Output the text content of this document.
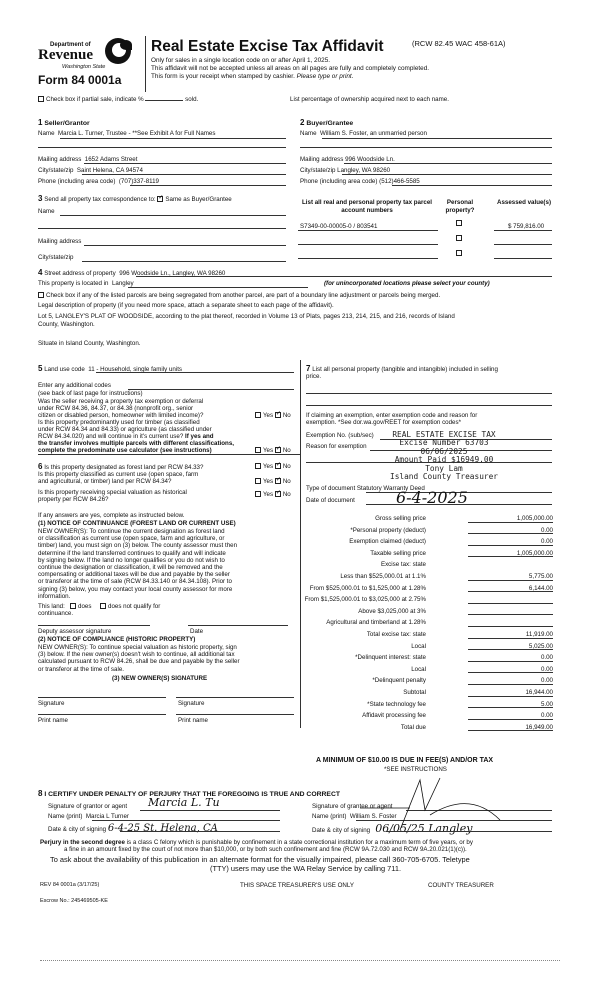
Department of
Revenue
Washington State
Form 84 0001a
Real Estate Excise Tax Affidavit	(RCW 82.45 WAC 458-61A)
Only for sales in a single location code on or after April 1, 2025.
This affidavit will not be accepted unless all areas on all pages are fully and completely completed.
This form is your receipt when stamped by cashier. Please type or print.
Check box if partial sale, indicate %	sold.	List percentage of ownership acquired next to each name.
1 Seller/Grantor
Name Marcia L. Turner, Trustee - **See Exhibit A for Full Names
Mailing address 1652 Adams Street
City/state/zip Saint Helena, CA 94574
Phone (including area code) (707)337-8119
2 Buyer/Grantee
Name William S. Foster, an unmarried person
Mailing address 996 Woodside Ln.
City/state/zip Langley, WA 98260
Phone (including area code) (512)466-5585
3 Send all property tax correspondence to: ✓ Same as Buyer/Grantee
Name
Mailing address
City/state/zip
List all real and personal property tax parcel account numbers
Personal property?
Assessed value(s)
S7349-00-00005-0 / 803541	$ 759,816.00
4 Street address of property 996 Woodside Ln., Langley, WA 98260
This property is located in Langley	(for unincorporated locations please select your county)
Check box if any of the listed parcels are being segregated from another parcel, are part of a boundary line adjustment or parcels being merged.
Legal description of property (if you need more space, attach a separate sheet to each page of the affidavit).
Lot 5, LANGLEY'S PLAT OF WOODSIDE, according to the plat thereof, recorded in Volume 13 of Plats, pages 213, 214, 215, and 216, records of Island
County, Washington.
Situate in Island County, Washington.
5 Land use code 11 - Household, single family units
Enter any additional codes
(see back of last page for instructions)
Was the seller receiving a property tax exemption or deferral
under RCW 84.36, 84.37, or 84.38 (nonprofit org., senior
citizen or disabled person, homeowner with limited income)?	Yes ✓ No
Is this property predominantly used for timber (as classified
under RCW 84.34 and 84.33) or agriculture (as classified under
RCW 84.34.020) and will continue in it's current use? If yes and
the transfer involves multiple parcels with different classifications,
complete the predominate use calculator (see instructions)	Yes ✓ No
6 Is this property designated as forest land per RCW 84.33?	Yes ✓ No
Is this property classified as current use (open space, farm
and agricultural, or timber) land per RCW 84.34?	Yes ✓ No
Is this property receiving special valuation as historical
property per RCW 84.26?
Yes ✓ No
If any answers are yes, complete as instructed below.
(1) NOTICE OF CONTINUANCE (FOREST LAND OR CURRENT USE)
NEW OWNER(S): To continue the current designation as forest land
or classification as current use (open space, farm and agriculture, or
timber) land, you must sign on (3) below. The county assessor must then
determine if the land transferred continues to qualify and will indicate
by signing below. If the land no longer qualifies or you do not wish to
continue the designation or classification, it will be removed and the
compensating or additional taxes will be due and payable by the seller
or transferor at the time of sale (RCW 84.33.140 or 84.34.108). Prior to
signing (3) below, you may contact your local county assessor for more
information.
This land: does	does not qualify for
continuance.
Deputy assessor signature	Date
(2) NOTICE OF COMPLIANCE (HISTORIC PROPERTY)
NEW OWNER(S): To continue special valuation as historic property, sign
(3) below. If the new owner(s) doesn't wish to continue, all additional tax
calculated pursuant to RCW 84.26, shall be due and payable by the seller
or transferor at the time of sale.
(3) NEW OWNER(S) SIGNATURE
Signature	Signature
Print name	Print name
7 List all personal property (tangible and intangible) included in selling
price.
If claiming an exemption, enter exemption code and reason for
exemption. *See dor.wa.gov/REET for exemption codes*
Exemption No. (sub/sec)
Reason for exemption
REAL ESTATE EXCISE TAX
Excise Number 63703
06/06/2025
Amount Paid $16949.00
Tony Lam
Island County Treasurer
Type of document Statutory Warranty Deed
Date of document	6-4-2025
Gross selling price	1,005,000.00
*Personal property (deduct)	0.00
Exemption claimed (deduct)	0.00
Taxable selling price	1,005,000.00
Excise tax: state
Less than $525,000.01 at 1.1%	5,775.00
From $525,000.01 to $1,525,000 at 1.28%	6,144.00
From $1,525,000.01 to $3,025,000 at 2.75%
Above $3,025,000 at 3%
Agricultural and timberland at 1.28%
Total excise tax: state	11,919.00
Local	5,025.00
*Delinquent interest: state	0.00
Local	0.00
*Delinquent penalty	0.00
Subtotal	16,944.00
*State technology fee	5.00
Affidavit processing fee	0.00
Total due	16,949.00
A MINIMUM OF $10.00 IS DUE IN FEE(S) AND/OR TAX
*SEE INSTRUCTIONS
8 I CERTIFY UNDER PENALTY OF PERJURY THAT THE FOREGOING IS TRUE AND CORRECT
Signature of grantor or agent Marcia L. Tu
Name (print) Marcia L Turner
Date & city of signing 6-4-25 St. Helena, CA
Signature of grantee or agent
Name (print) William S. Foster
Date & city of signing 06/05/25 Langley
Perjury in the second degree is a class C felony which is punishable by confinement in a state correctional institution for a maximum term of five years, or by
a fine in an amount fixed by the court of not more than $10,000, or by both such confinement and fine (RCW 9A.72.030 and RCW 9A.20.021(1)(c)).
To ask about the availability of this publication in an alternate format for the visually impaired, please call 360-705-6705. Teletype
(TTY) users may use the WA Relay Service by calling 711.
REV 84 0001a (3/17/25)	THIS SPACE TREASURER'S USE ONLY	COUNTY TREASURER
Escrow No.: 245469505-KE
